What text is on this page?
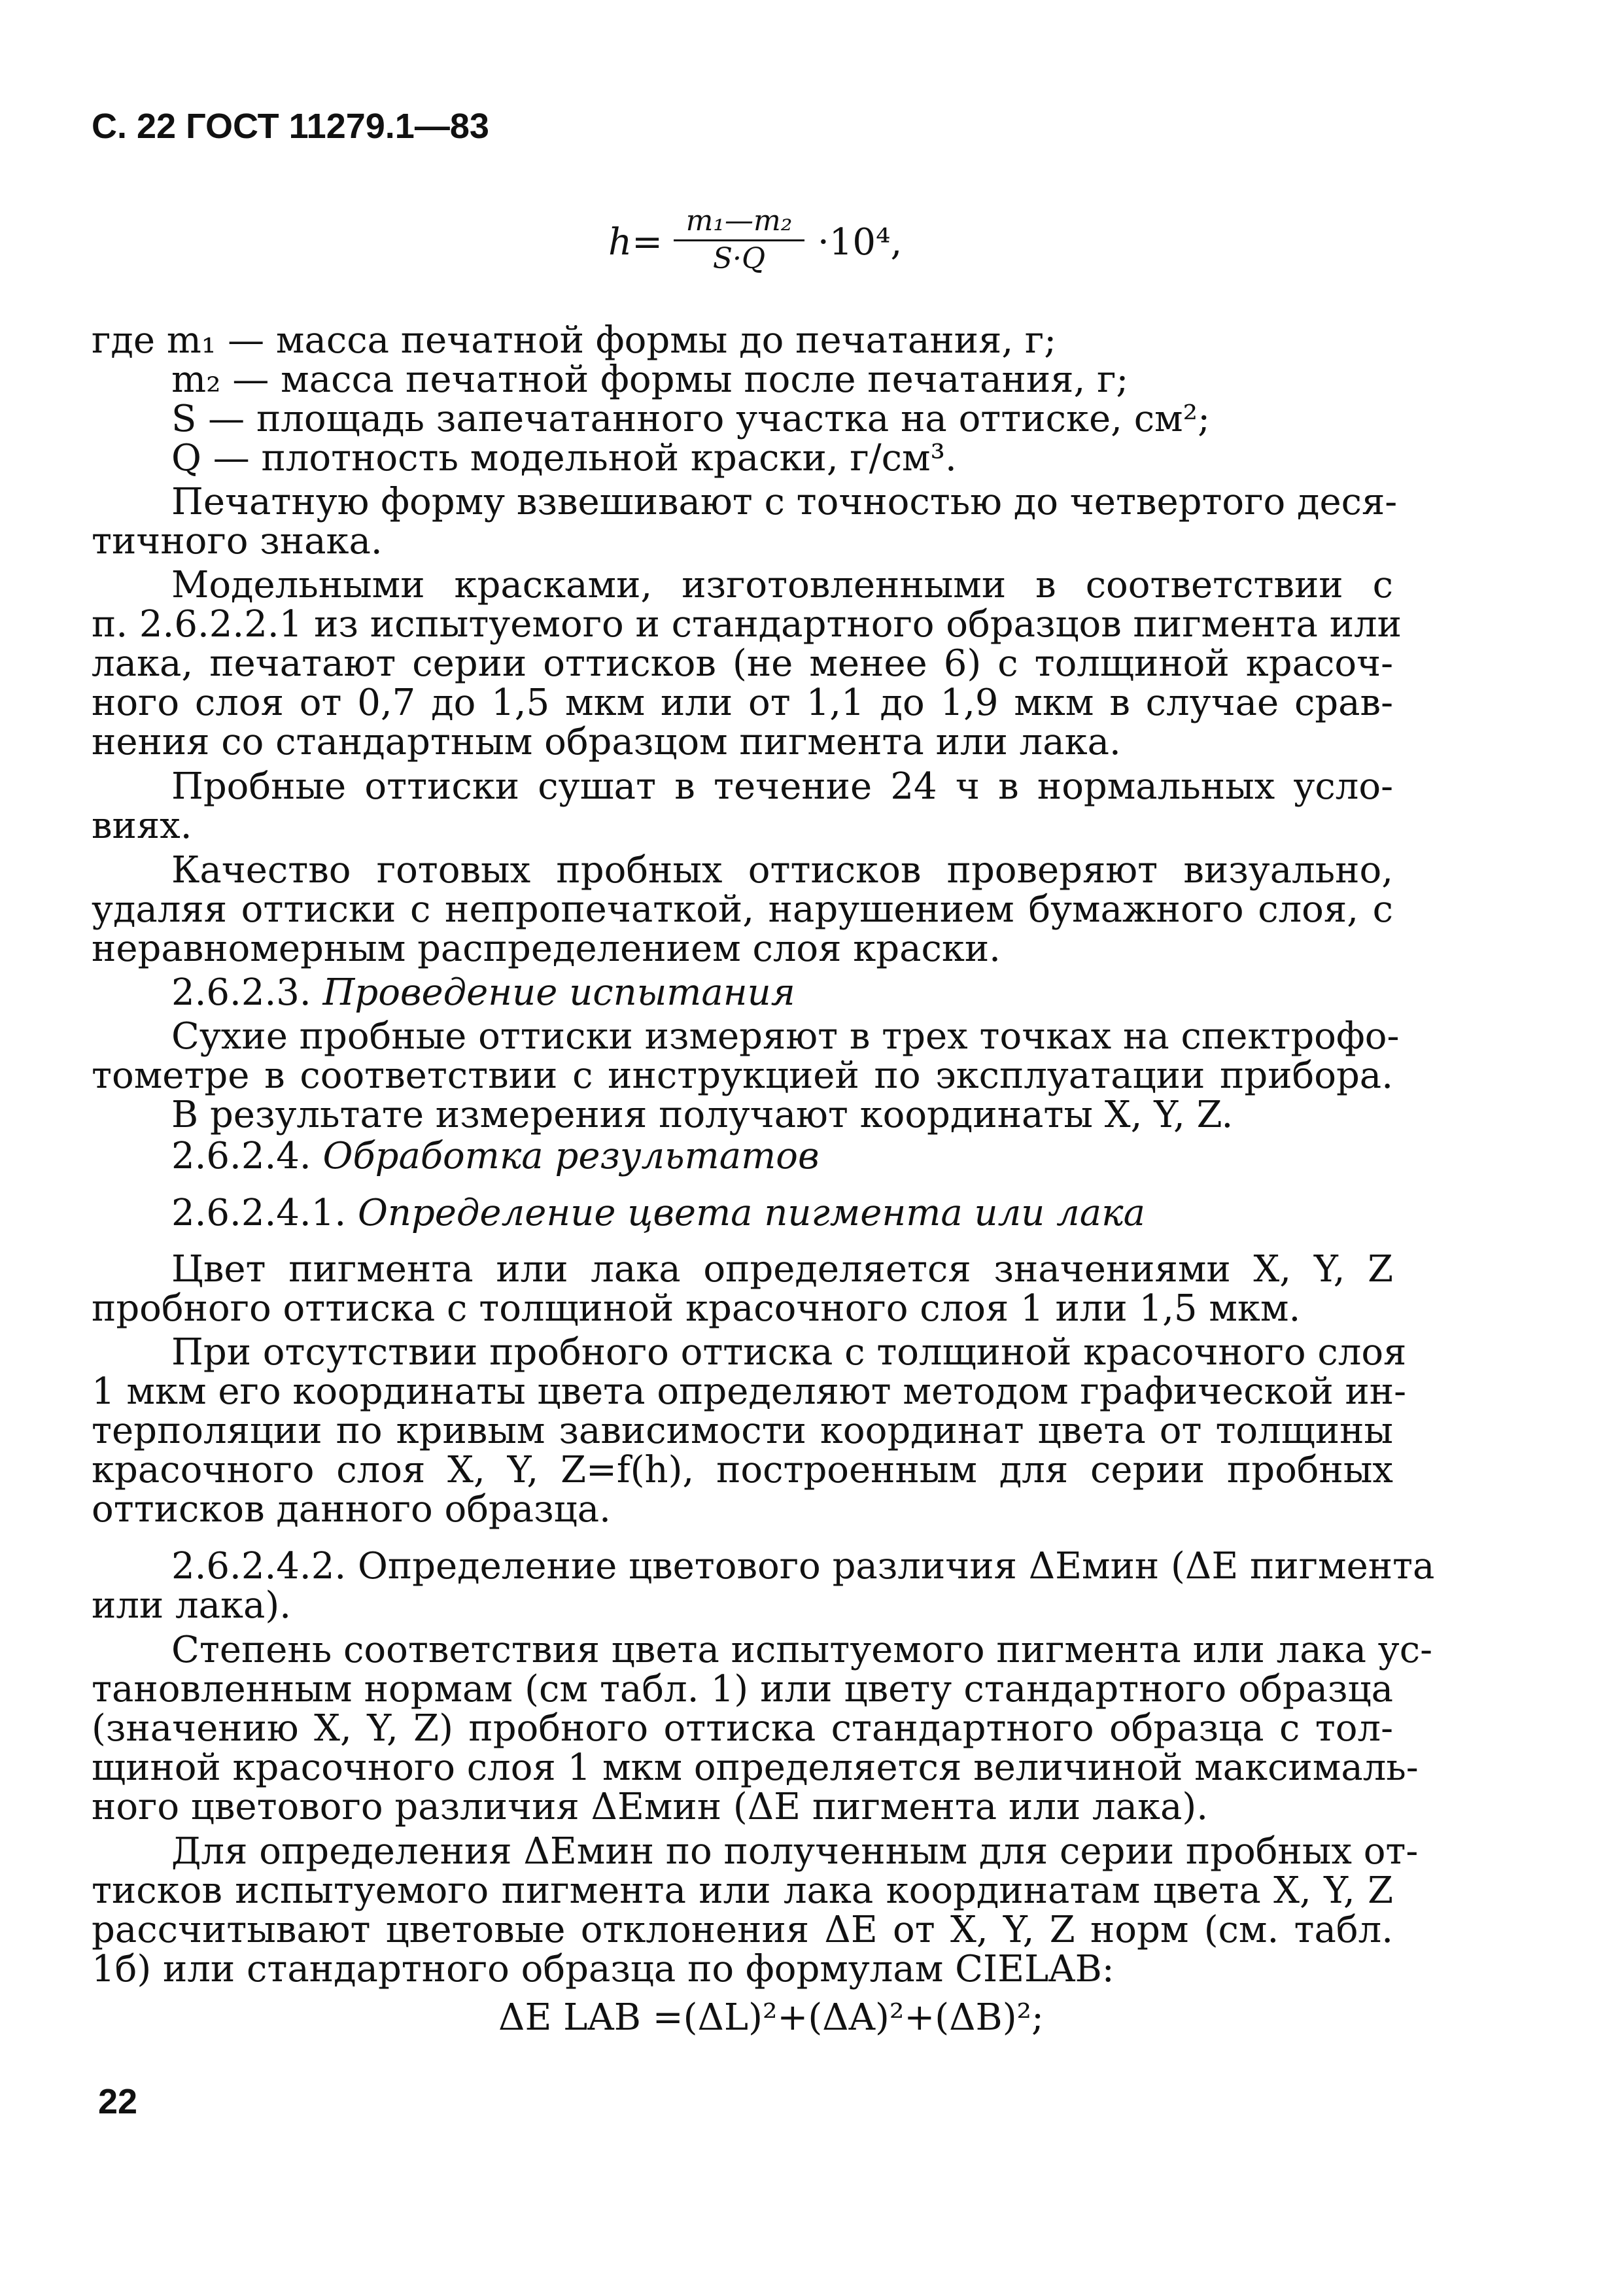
С. 22 ГОСТ 11279.1—83
h=
m₁—m₂
S·Q	·10⁴,
где m₁ — масса печатной формы до печатания, г;
m₂ — масса печатной формы после печатания, г;
S — площадь запечатанного участка на оттиске, см²;
Q — плотность модельной краски, г/см³.
Печатную форму взвешивают с точностью до четвертого деся-
тичного знака.
Модельными красками, изготовленными в соответствии с
п. 2.6.2.2.1 из испытуемого и стандартного образцов пигмента или
лака, печатают серии оттисков (не менее 6) с толщиной красоч-
ного слоя от 0,7 до 1,5 мкм или от 1,1 до 1,9 мкм в случае срав-
нения со стандартным образцом пигмента или лака.
Пробные оттиски сушат в течение 24 ч в нормальных усло-
виях.
Качество готовых пробных оттисков проверяют визуально,
удаляя оттиски с непропечаткой, нарушением бумажного слоя, с
неравномерным распределением слоя краски.
2.6.2.3. Проведение испытания
Сухие пробные оттиски измеряют в трех точках на спектрофо-
тометре в соответствии с инструкцией по эксплуатации прибора.
В результате измерения получают координаты X, Y, Z.
2.6.2.4. Обработка результатов
2.6.2.4.1. Определение цвета пигмента или лака
Цвет пигмента или лака определяется значениями X, Y, Z
пробного оттиска с толщиной красочного слоя 1 или 1,5 мкм.
При отсутствии пробного оттиска с толщиной красочного слоя
1 мкм его координаты цвета определяют методом графической ин-
терполяции по кривым зависимости координат цвета от толщины
красочного слоя X, Y, Z=f(h), построенным для серии пробных
оттисков данного образца.
2.6.2.4.2. Определение цветового различия ΔEмин (ΔE пигмента
или лака).
Степень соответствия цвета испытуемого пигмента или лака ус-
тановленным нормам (см табл. 1) или цвету стандартного образца
(значению X, Y, Z) пробного оттиска стандартного образца с тол-
щиной красочного слоя 1 мкм определяется величиной максималь-
ного цветового различия ΔEмин (ΔE пигмента или лака).
Для определения ΔEмин по полученным для серии пробных от-
тисков испытуемого пигмента или лака координатам цвета X, Y, Z
рассчитывают цветовые отклонения ΔE от X, Y, Z норм (см. табл.
1б) или стандартного образца по формулам CIELAB:
ΔE LAB =(ΔL)²+(ΔA)²+(ΔB)²;
22
